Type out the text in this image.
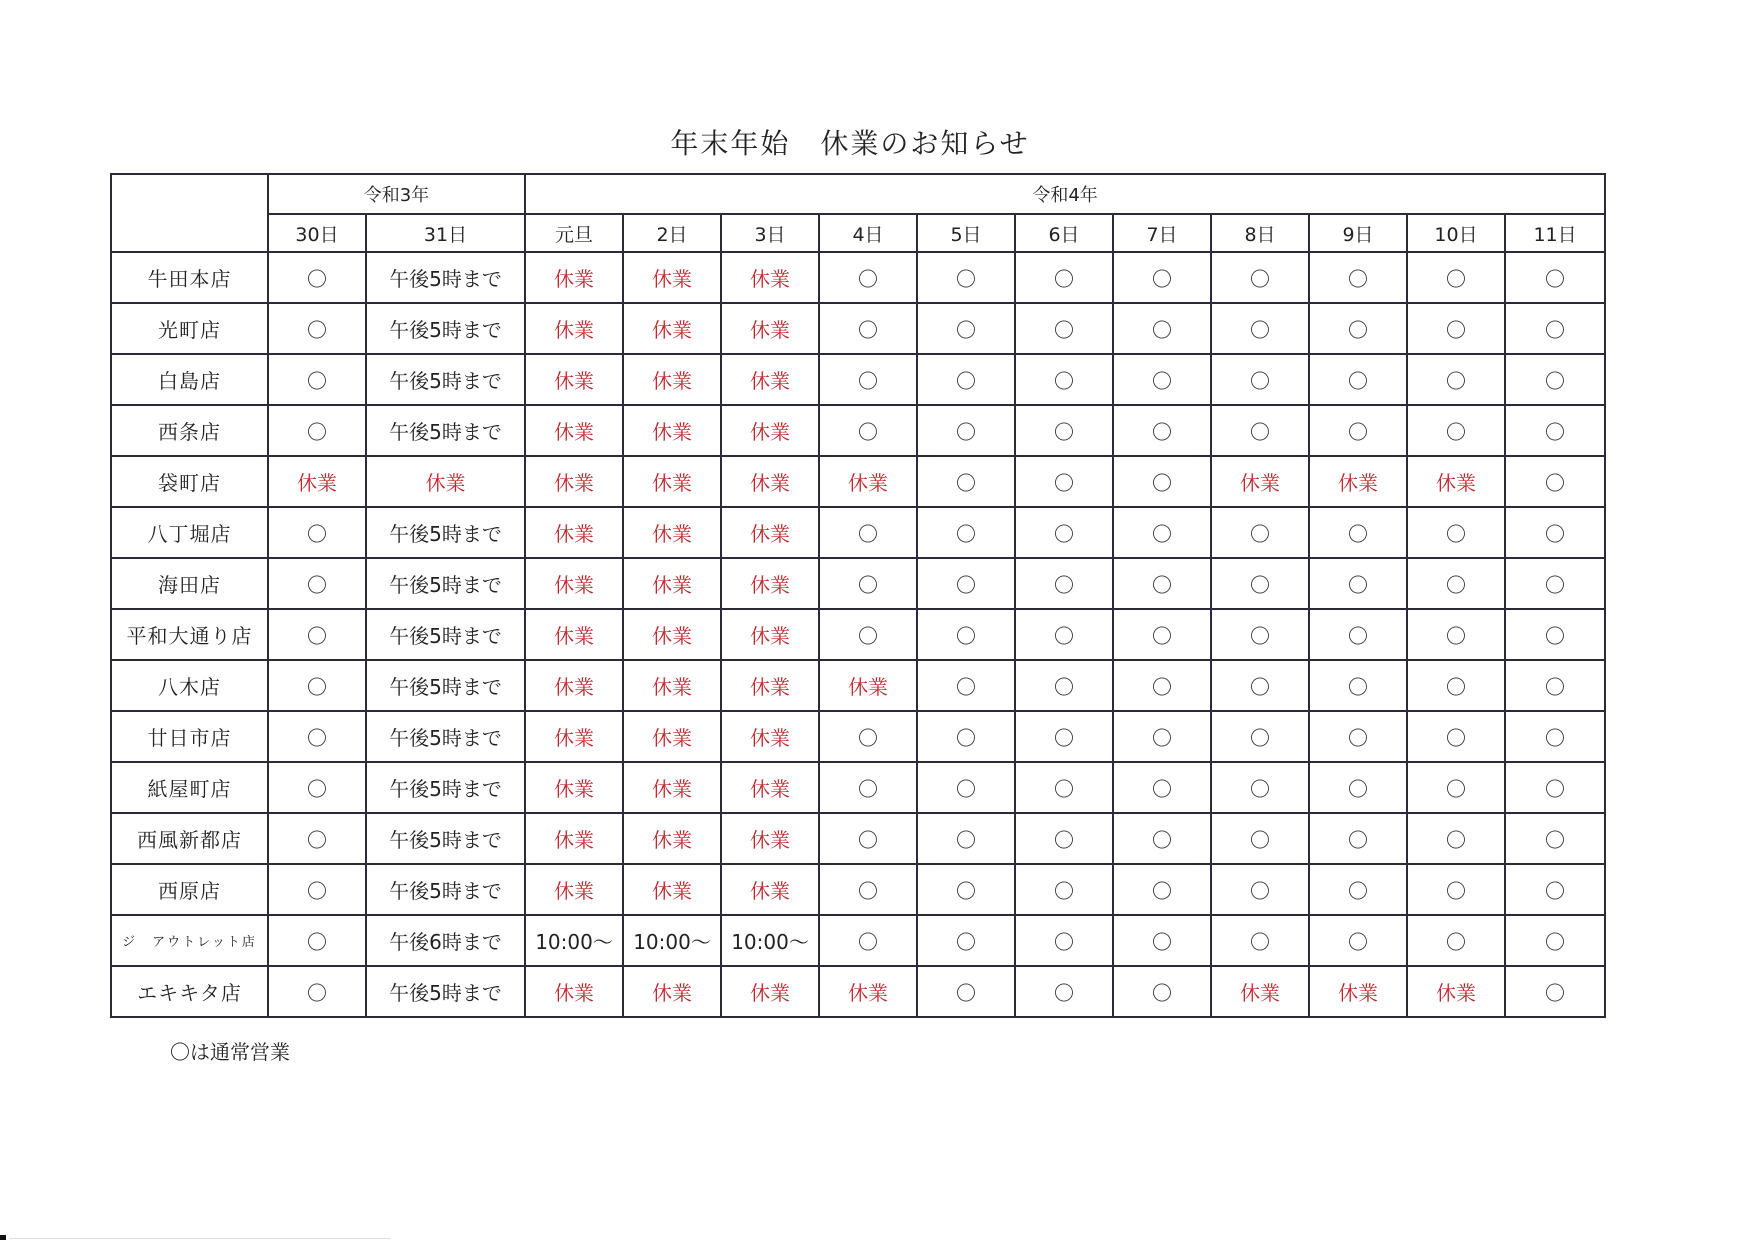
年末年始　休業のお知らせ
	令和3年		令和4年										
	30日	31日	元旦	2日	3日	4日	5日	6日	7日	8日	9日	10日	11日
牛田本店	〇	午後5時まで	休業	休業	休業	〇	〇	〇	〇	〇	〇	〇	〇
光町店	〇	午後5時まで	休業	休業	休業	〇	〇	〇	〇	〇	〇	〇	〇
白島店	〇	午後5時まで	休業	休業	休業	〇	〇	〇	〇	〇	〇	〇	〇
西条店	〇	午後5時まで	休業	休業	休業	〇	〇	〇	〇	〇	〇	〇	〇
袋町店	休業	休業	休業	休業	休業	休業	〇	〇	〇	休業	休業	休業	〇
八丁堀店	〇	午後5時まで	休業	休業	休業	〇	〇	〇	〇	〇	〇	〇	〇
海田店	〇	午後5時まで	休業	休業	休業	〇	〇	〇	〇	〇	〇	〇	〇
平和大通り店	〇	午後5時まで	休業	休業	休業	〇	〇	〇	〇	〇	〇	〇	〇
八木店	〇	午後5時まで	休業	休業	休業	休業	〇	〇	〇	〇	〇	〇	〇
廿日市店	〇	午後5時まで	休業	休業	休業	〇	〇	〇	〇	〇	〇	〇	〇
紙屋町店	〇	午後5時まで	休業	休業	休業	〇	〇	〇	〇	〇	〇	〇	〇
西風新都店	〇	午後5時まで	休業	休業	休業	〇	〇	〇	〇	〇	〇	〇	〇
西原店	〇	午後5時まで	休業	休業	休業	〇	〇	〇	〇	〇	〇	〇	〇
ジ　アウトレット店	〇	午後6時まで	10:00～	10:00～	10:00～	〇	〇	〇	〇	〇	〇	〇	〇
エキキタ店	〇	午後5時まで	休業	休業	休業	休業	〇	〇	〇	休業	休業	休業	〇
〇は通常営業
